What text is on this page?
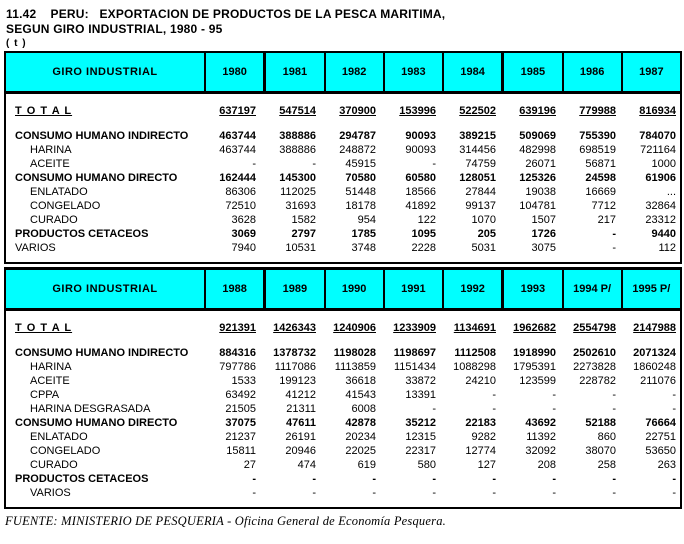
11.42    PERU:   EXPORTACION DE PRODUCTOS DE LA PESCA MARITIMA,
SEGUN GIRO INDUSTRIAL, 1980 - 95
( t )
GIRO INDUSTRIAL	1980	1981	1982	1983	1984	1985	1986	1987
T O T A L	637197	547514	370900	153996	522502	639196	779988	816934
CONSUMO HUMANO INDIRECTO	463744	388886	294787	90093	389215	509069	755390	784070
HARINA	463744	388886	248872	90093	314456	482998	698519	721164
ACEITE	-	-	45915	-	74759	26071	56871	1000
CONSUMO HUMANO DIRECTO	162444	145300	70580	60580	128051	125326	24598	61906
ENLATADO	86306	112025	51448	18566	27844	19038	16669	...
CONGELADO	72510	31693	18178	41892	99137	104781	7712	32864
CURADO	3628	1582	954	122	1070	1507	217	23312
PRODUCTOS CETACEOS	3069	2797	1785	1095	205	1726	-	9440
VARIOS	7940	10531	3748	2228	5031	3075	-	112
GIRO INDUSTRIAL	1988	1989	1990	1991	1992	1993	1994 P/	1995 P/
T O T A L	921391	1426343	1240906	1233909	1134691	1962682	2554798	2147988
CONSUMO HUMANO INDIRECTO	884316	1378732	1198028	1198697	1112508	1918990	2502610	2071324
HARINA	797786	1117086	1113859	1151434	1088298	1795391	2273828	1860248
ACEITE	1533	199123	36618	33872	24210	123599	228782	211076
CPPA	63492	41212	41543	13391	-	-	-	-
HARINA DESGRASADA	21505	21311	6008	-	-	-	-	-
CONSUMO HUMANO DIRECTO	37075	47611	42878	35212	22183	43692	52188	76664
ENLATADO	21237	26191	20234	12315	9282	11392	860	22751
CONGELADO	15811	20946	22025	22317	12774	32092	38070	53650
CURADO	27	474	619	580	127	208	258	263
PRODUCTOS CETACEOS	-	-	-	-	-	-	-	-
VARIOS	-	-	-	-	-	-	-	-
FUENTE: MINISTERIO DE PESQUERIA - Oficina General de Economía Pesquera.
